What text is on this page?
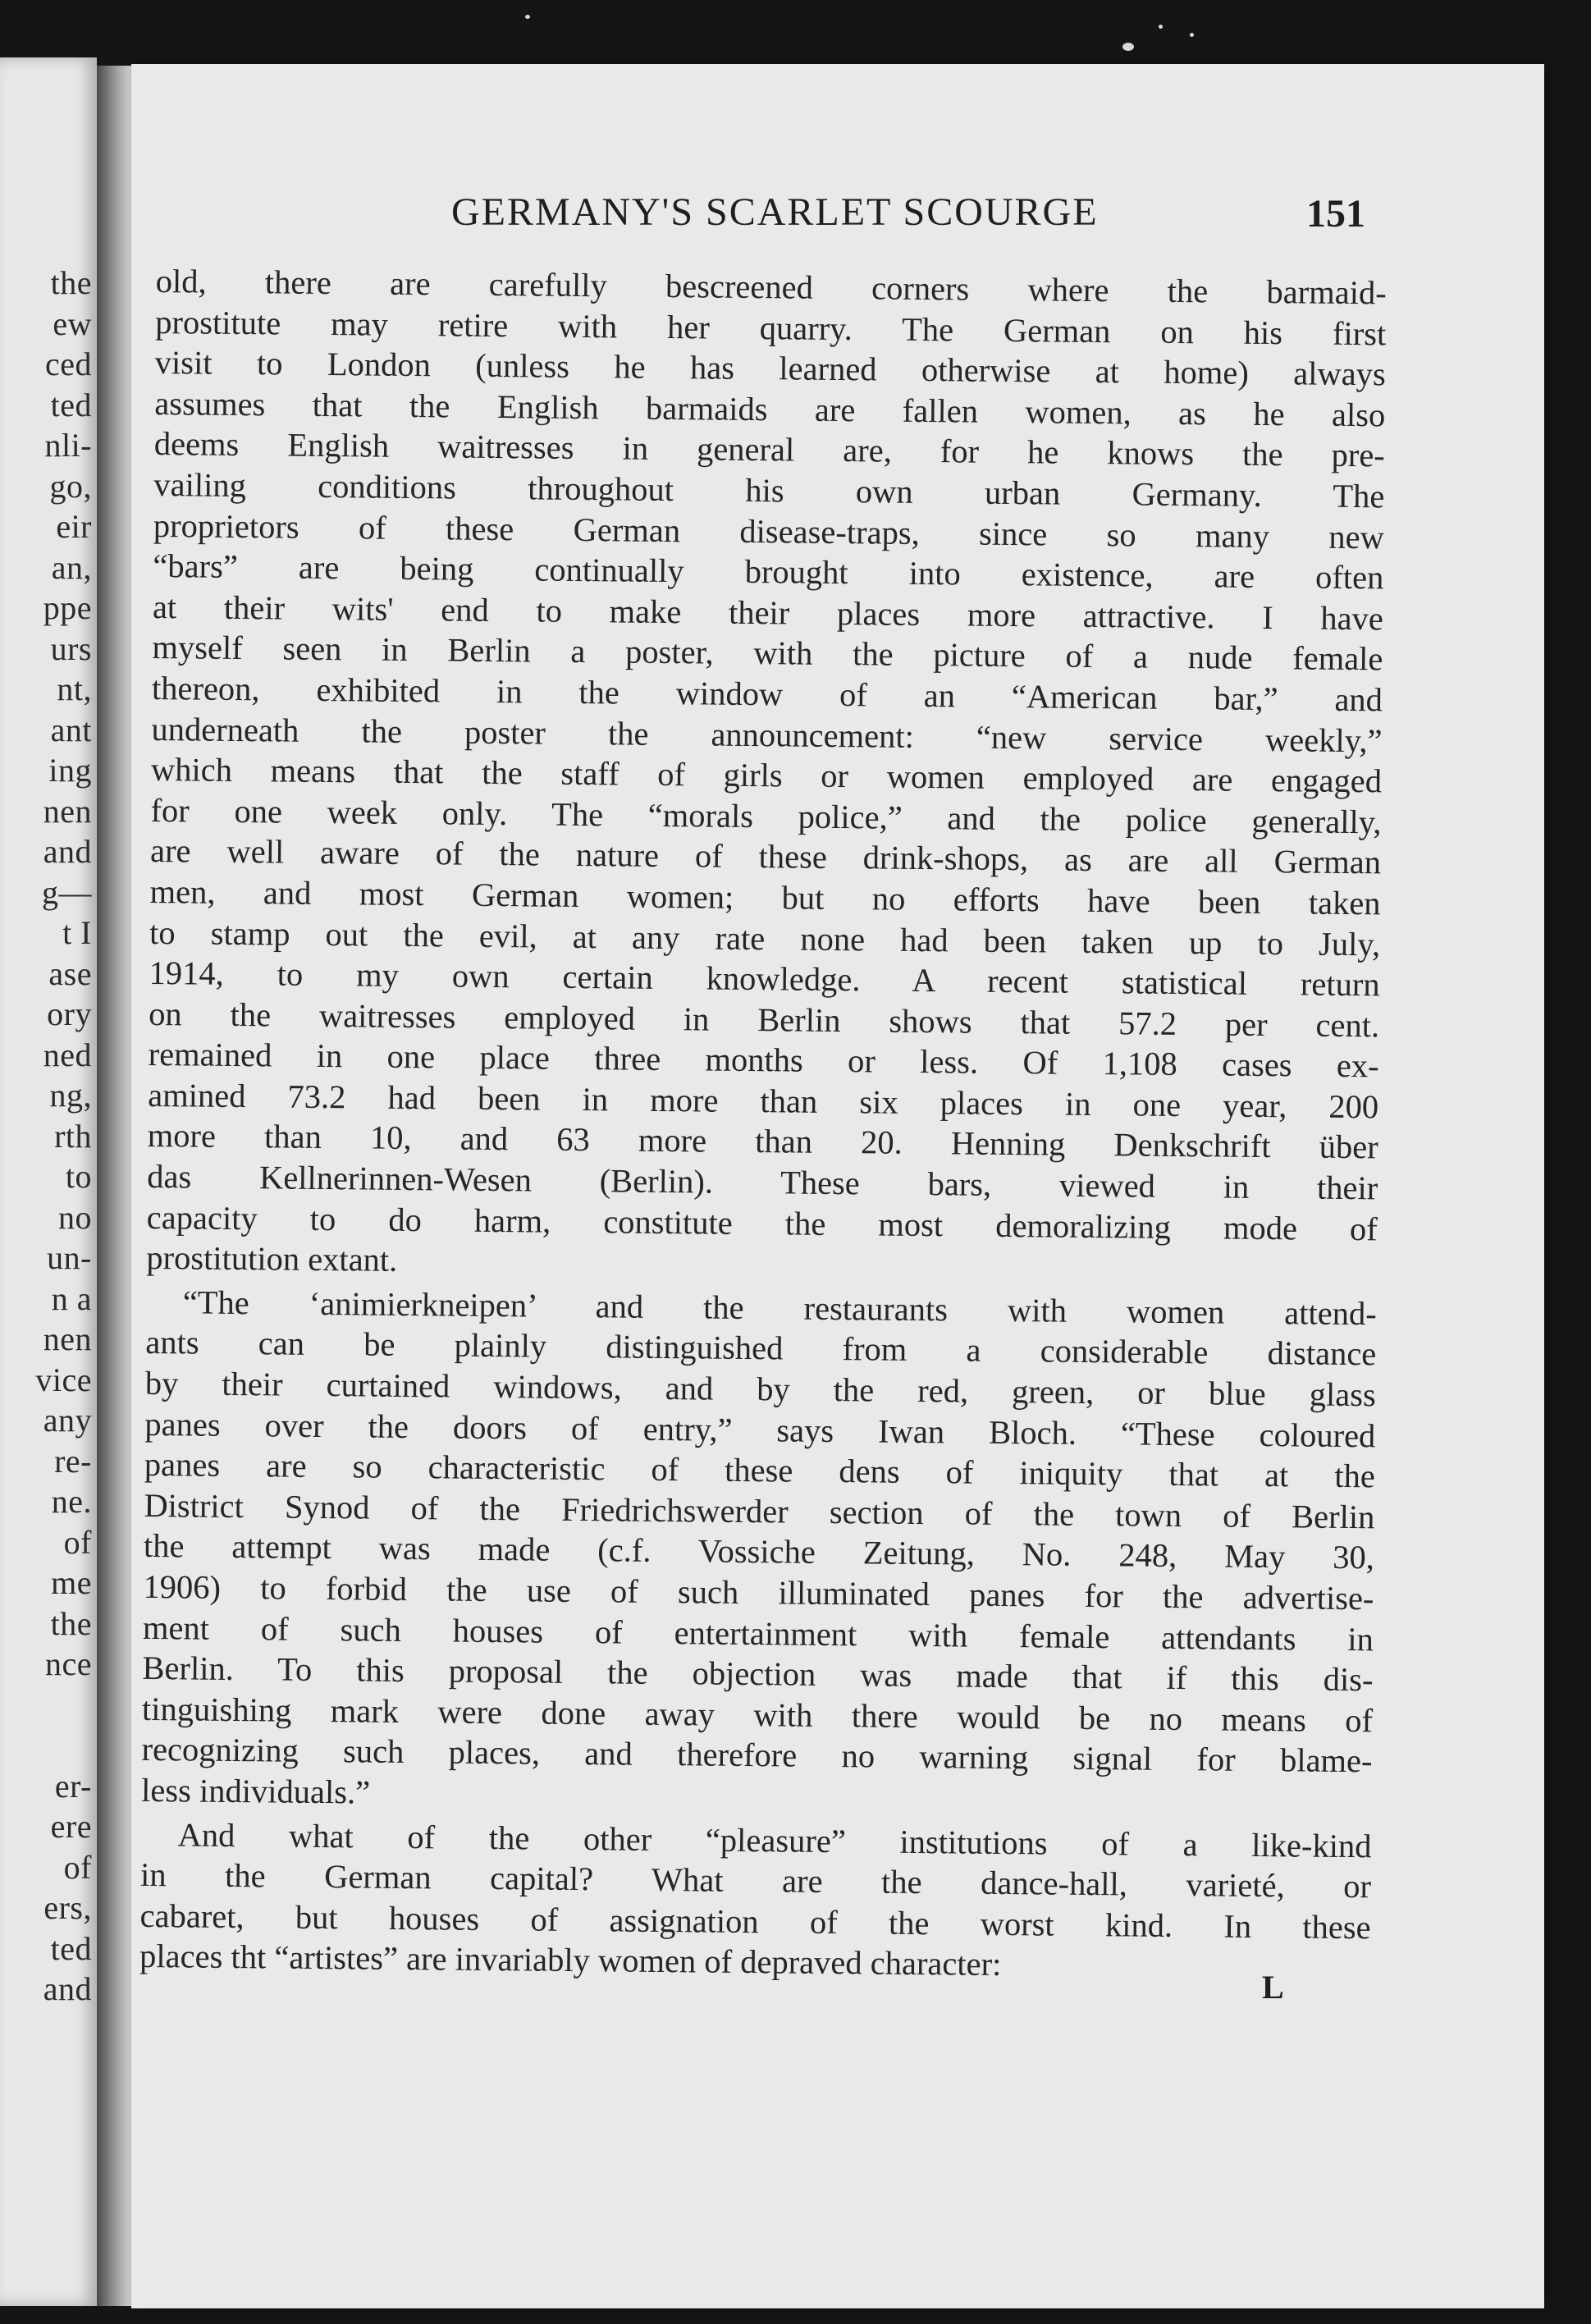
the
ew
ced
ted
nli-
go,
eir
an,
ppe
urs
nt,
ant
ing
nen
and
g—
t I
ase
ory
ned
ng,
rth
to
no
un-
n a
nen
vice
any
re-
ne.
of
me
the
nce
er-
ere
of
ers,
ted
and
GERMANY'S SCARLET SCOURGE	151
old, there are carefully bescreened corners where the barmaid-
prostitute may retire with her quarry. The German on his first
visit to London (unless he has learned otherwise at home) always
assumes that the English barmaids are fallen women, as he also
deems English waitresses in general are, for he knows the pre-
vailing conditions throughout his own urban Germany. The
proprietors of these German disease-traps, since so many new
“bars” are being continually brought into existence, are often
at their wits' end to make their places more attractive. I have
myself seen in Berlin a poster, with the picture of a nude female
thereon, exhibited in the window of an “American bar,” and
underneath the poster the announcement: “new service weekly,”
which means that the staff of girls or women employed are engaged
for one week only. The “morals police,” and the police generally,
are well aware of the nature of these drink-shops, as are all German
men, and most German women; but no efforts have been taken
to stamp out the evil, at any rate none had been taken up to July,
1914, to my own certain knowledge. A recent statistical return
on the waitresses employed in Berlin shows that 57.2 per cent.
remained in one place three months or less. Of 1,108 cases ex-
amined 73.2 had been in more than six places in one year, 200
more than 10, and 63 more than 20. Henning Denkschrift über
das Kellnerinnen-Wesen (Berlin). These bars, viewed in their
capacity to do harm, constitute the most demoralizing mode of
prostitution extant.
“The ‘animierkneipen’ and the restaurants with women attend-
ants can be plainly distinguished from a considerable distance
by their curtained windows, and by the red, green, or blue glass
panes over the doors of entry,” says Iwan Bloch. “These coloured
panes are so characteristic of these dens of iniquity that at the
District Synod of the Friedrichswerder section of the town of Berlin
the attempt was made (c.f. Vossiche Zeitung, No. 248, May 30,
1906) to forbid the use of such illuminated panes for the advertise-
ment of such houses of entertainment with female attendants in
Berlin. To this proposal the objection was made that if this dis-
tinguishing mark were done away with there would be no means of
recognizing such places, and therefore no warning signal for blame-
less individuals.”
And what of the other “pleasure” institutions of a like-kind
in the German capital? What are the dance-hall, varieté, or
cabaret, but houses of assignation of the worst kind. In these
places tht “artistes” are invariably women of depraved character:
L
